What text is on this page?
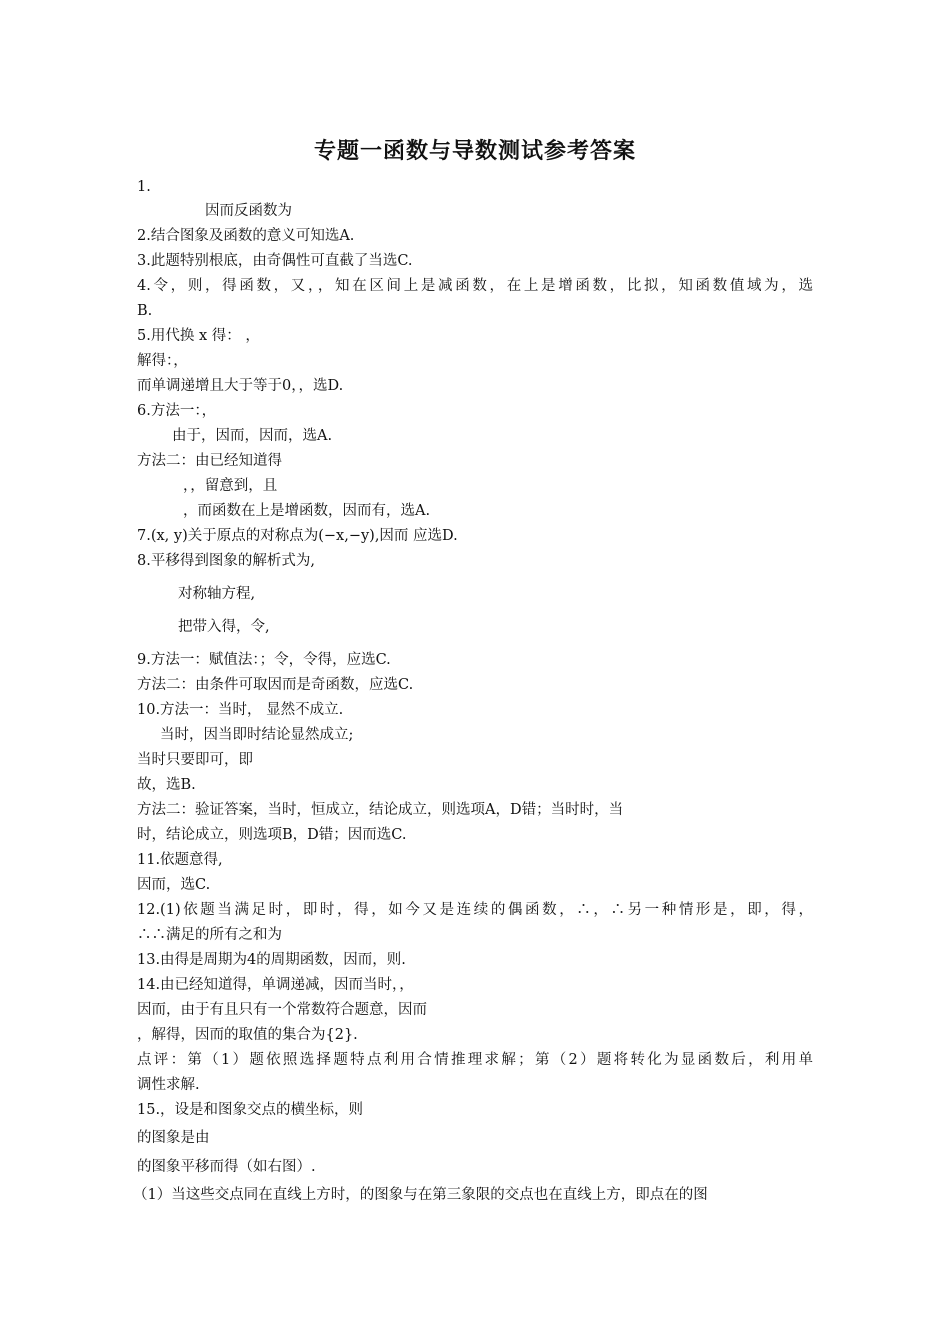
专题一函数与导数测试参考答案
1.
因而反函数为
2.结合图象及函数的意义可知选A.
3.此题特别根底，由奇偶性可直截了当选C.
4.令，则，得函数，又，，知在区间上是减函数，在上是增函数，比拟，知函数值域为，选
B.
5.用代换 x 得： ，
解得：，
而单调递增且大于等于0，，选D.
6.方法一：，
由于，因而，因而，选A.
方法二：由已经知道得
，，留意到，且
，而函数在上是增函数，因而有，选A.
7.(x, y)关于原点的对称点为(−x,−y),因而 应选D.
8.平移得到图象的解析式为,
对称轴方程,
把带入得，令,
9.方法一：赋值法：；令，令得，应选C.
方法二：由条件可取因而是奇函数，应选C.
10.方法一：当时， 显然不成立.
当时，因当即时结论显然成立;
当时只要即可，即
故，选B.
方法二：验证答案，当时，恒成立，结论成立，则选项A，D错；当时时，当
时，结论成立，则选项B，D错；因而选C.
11.依题意得,
因而，选C.
12.(1)依题当满足时，即时，得，如今又是连续的偶函数，∴，∴另一种情形是，即，得，
∴∴满足的所有之和为
13.由得是周期为4的周期函数，因而，则.
14.由已经知道得，单调递减，因而当时，，
因而，由于有且只有一个常数符合题意，因而
，解得，因而的取值的集合为{2}.
点评：第（1）题依照选择题特点利用合情推理求解；第（2）题将转化为显函数后，利用单
调性求解.
15.，设是和图象交点的横坐标，则
的图象是由
的图象平移而得（如右图）.
（1）当这些交点同在直线上方时，的图象与在第三象限的交点也在直线上方，即点在的图
